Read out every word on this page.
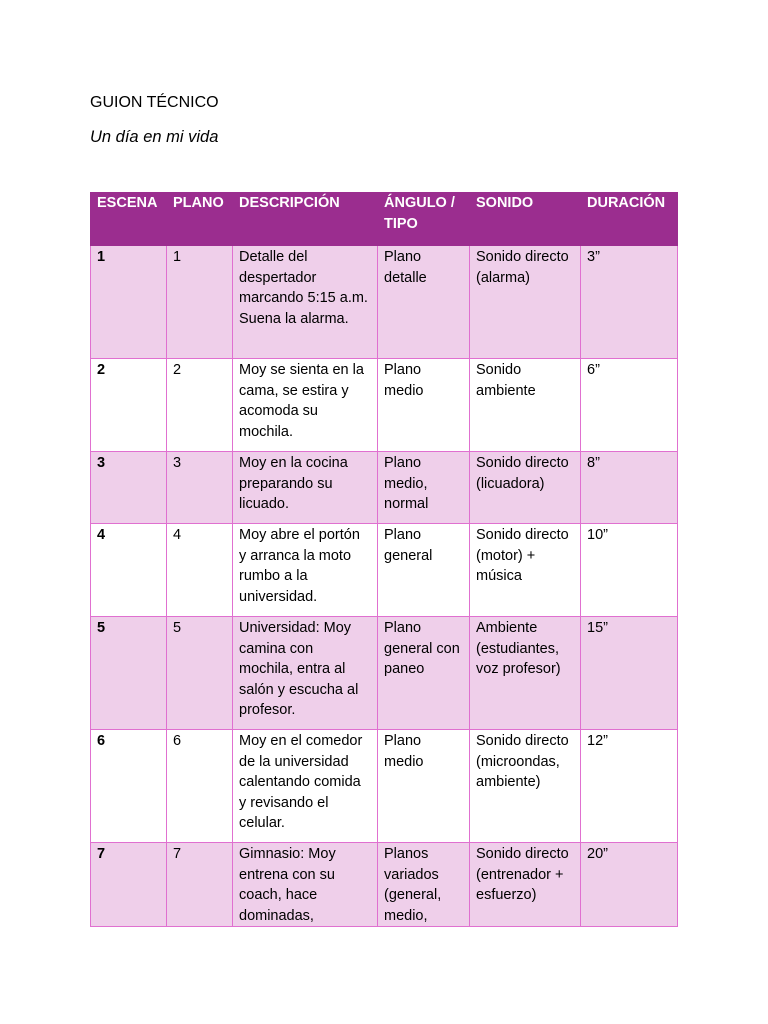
GUION TÉCNICO
Un día en mi vida
ESCENA	PLANO	DESCRIPCIÓN	ÁNGULO / TIPO	SONIDO	DURACIÓN
1	1	Detalle del despertador marcando 5:15 a.m. Suena la alarma.	Plano detalle	Sonido directo (alarma)	3”
2	2	Moy se sienta en la cama, se estira y acomoda su mochila.	Plano medio	Sonido ambiente	6”
3	3	Moy en la cocina preparando su licuado.	Plano medio, normal	Sonido directo (licuadora)	8”
4	4	Moy abre el portón y arranca la moto rumbo a la universidad.	Plano general	Sonido directo (motor) + música	10”
5	5	Universidad: Moy camina con mochila, entra al salón y escucha al profesor.	Plano general con paneo	Ambiente (estudiantes, voz profesor)	15”
6	6	Moy en el comedor de la universidad calentando comida y revisando el celular.	Plano medio	Sonido directo (microondas, ambiente)	12”
7	7	Gimnasio: Moy entrena con su coach, hace dominadas,	Planos variados (general, medio,	Sonido directo (entrenador + esfuerzo)	20”
